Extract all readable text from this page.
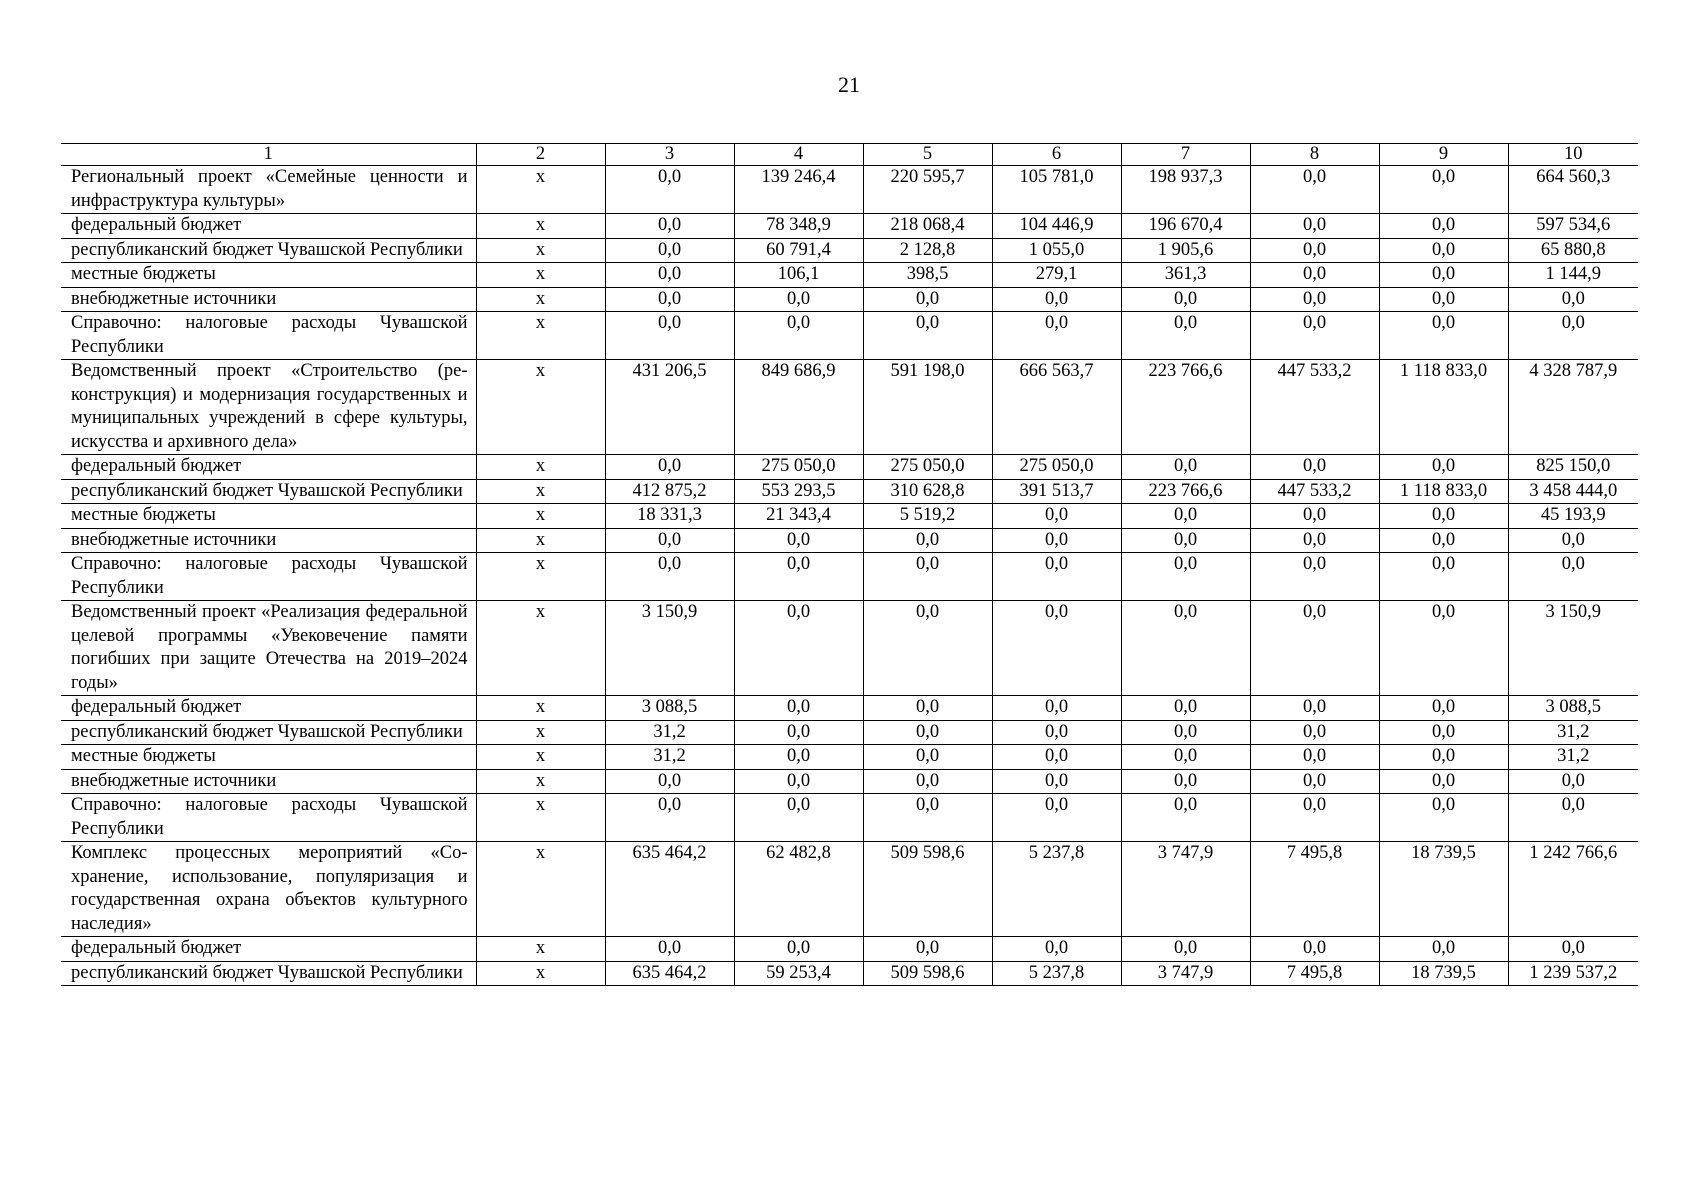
21
1	2	3	4	5	6	7	8	9	10
Региональный проект «Семейные ценности и инфраструктура культуры»	x	0,0	139 246,4	220 595,7	105 781,0	198 937,3	0,0	0,0	664 560,3
федеральный бюджет	x	0,0	78 348,9	218 068,4	104 446,9	196 670,4	0,0	0,0	597 534,6
республиканский бюджет Чувашской Республики	x	0,0	60 791,4	2 128,8	1 055,0	1 905,6	0,0	0,0	65 880,8
местные бюджеты	x	0,0	106,1	398,5	279,1	361,3	0,0	0,0	1 144,9
внебюджетные источники	x	0,0	0,0	0,0	0,0	0,0	0,0	0,0	0,0
Справочно: налоговые расходы Чувашской Республики	x	0,0	0,0	0,0	0,0	0,0	0,0	0,0	0,0
Ведомственный проект «Строительство (реконструкция) и модернизация государственных и муниципальных учреждений в сфере культуры, искусства и архивного дела»	x	431 206,5	849 686,9	591 198,0	666 563,7	223 766,6	447 533,2	1 118 833,0	4 328 787,9
федеральный бюджет	x	0,0	275 050,0	275 050,0	275 050,0	0,0	0,0	0,0	825 150,0
республиканский бюджет Чувашской Республики	x	412 875,2	553 293,5	310 628,8	391 513,7	223 766,6	447 533,2	1 118 833,0	3 458 444,0
местные бюджеты	x	18 331,3	21 343,4	5 519,2	0,0	0,0	0,0	0,0	45 193,9
внебюджетные источники	x	0,0	0,0	0,0	0,0	0,0	0,0	0,0	0,0
Справочно: налоговые расходы Чувашской Республики	x	0,0	0,0	0,0	0,0	0,0	0,0	0,0	0,0
Ведомственный проект «Реализация федеральной целевой программы «Увековечение памяти погибших при защите Отечества на 2019–2024 годы»	x	3 150,9	0,0	0,0	0,0	0,0	0,0	0,0	3 150,9
федеральный бюджет	x	3 088,5	0,0	0,0	0,0	0,0	0,0	0,0	3 088,5
республиканский бюджет Чувашской Республики	x	31,2	0,0	0,0	0,0	0,0	0,0	0,0	31,2
местные бюджеты	x	31,2	0,0	0,0	0,0	0,0	0,0	0,0	31,2
внебюджетные источники	x	0,0	0,0	0,0	0,0	0,0	0,0	0,0	0,0
Справочно: налоговые расходы Чувашской Республики	x	0,0	0,0	0,0	0,0	0,0	0,0	0,0	0,0
Комплекс процессных мероприятий «Сохранение, использование, популяризация и государственная охрана объектов культурного наследия»	x	635 464,2	62 482,8	509 598,6	5 237,8	3 747,9	7 495,8	18 739,5	1 242 766,6
федеральный бюджет	x	0,0	0,0	0,0	0,0	0,0	0,0	0,0	0,0
республиканский бюджет Чувашской Республики	x	635 464,2	59 253,4	509 598,6	5 237,8	3 747,9	7 495,8	18 739,5	1 239 537,2
